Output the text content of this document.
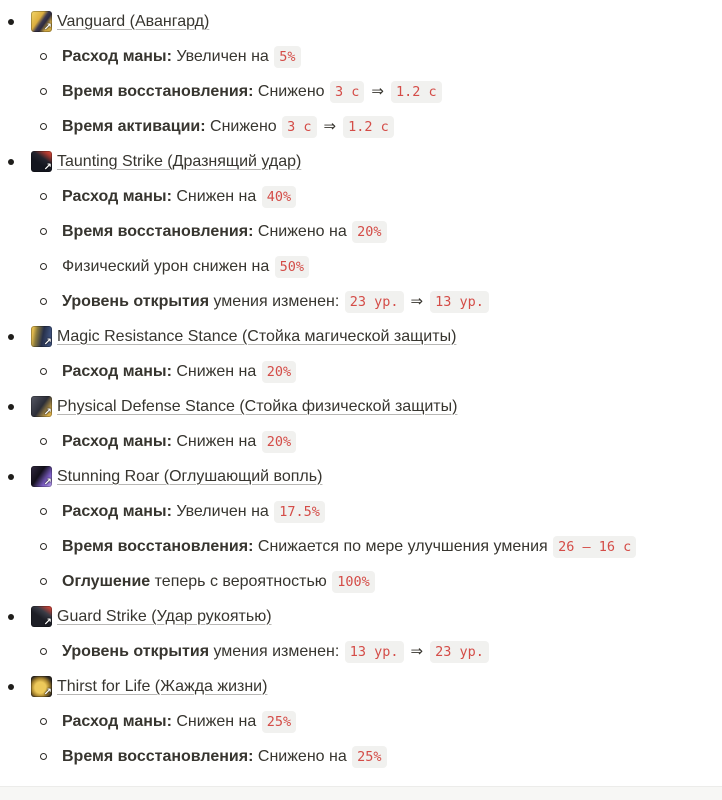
↗ Vanguard (Авангард)
Расход маны: Увеличен на 5%
Время восстановления: Снижено 3 с ⇒ 1.2 с
Время активации: Снижено 3 с ⇒ 1.2 с
↗ Taunting Strike (Дразнящий удар)
Расход маны: Снижен на 40%
Время восстановления: Снижено на 20%
Физический урон снижен на 50%
Уровень открытия умения изменен: 23 ур. ⇒ 13 ур.
↗ Magic Resistance Stance (Стойка магической защиты)
Расход маны: Снижен на 20%
↗ Physical Defense Stance (Стойка физической защиты)
Расход маны: Снижен на 20%
↗ Stunning Roar (Оглушающий вопль)
Расход маны: Увеличен на 17.5%
Время восстановления: Снижается по мере улучшения умения 26 – 16 с
Оглушение теперь с вероятностью 100%
↗ Guard Strike (Удар рукоятью)
Уровень открытия умения изменен: 13 ур. ⇒ 23 ур.
↗ Thirst for Life (Жажда жизни)
Расход маны: Снижен на 25%
Время восстановления: Снижено на 25%
